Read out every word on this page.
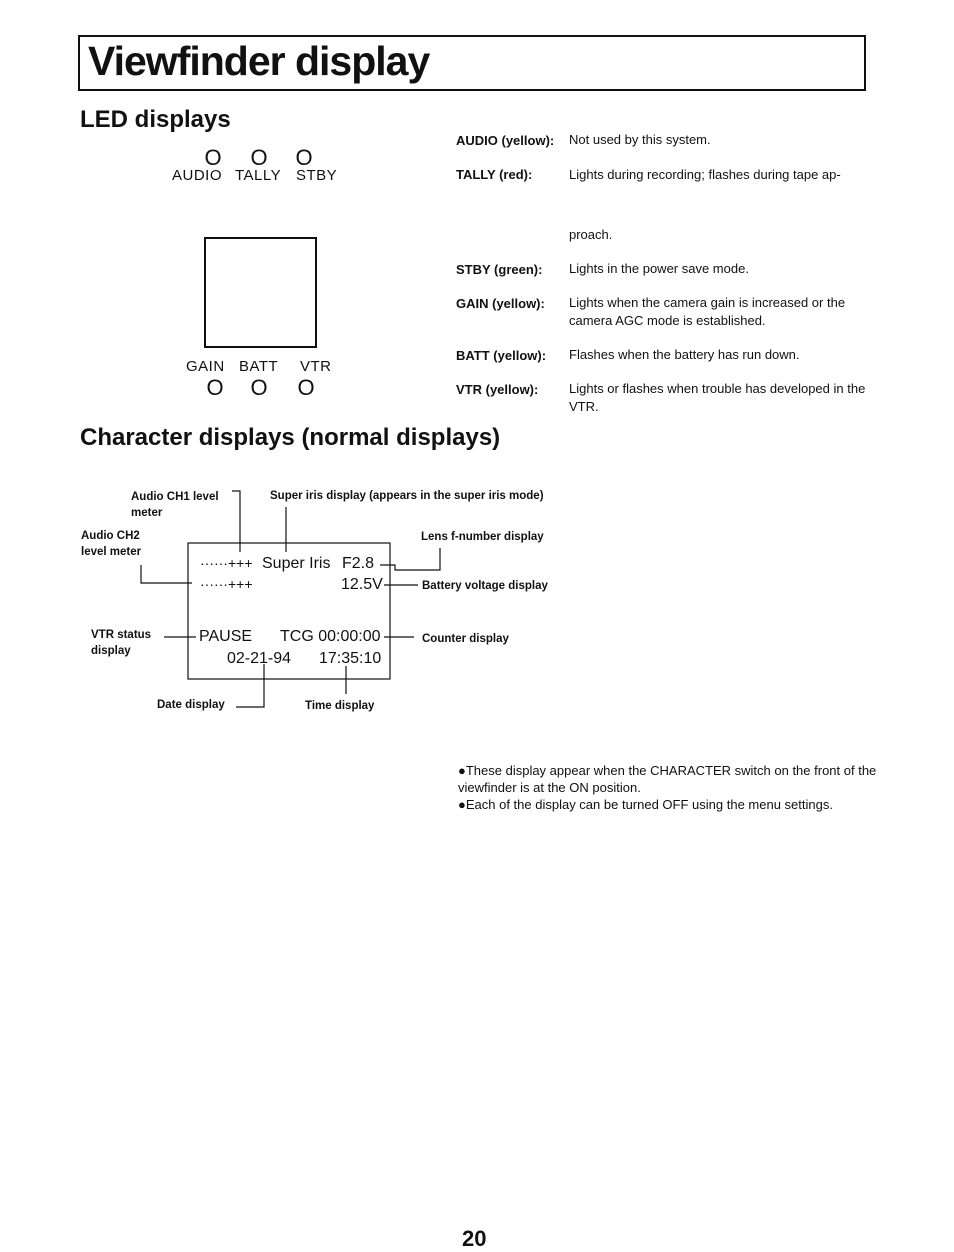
Viewfinder display
LED displays
O O O
AUDIO TALLY STBY
GAIN BATT VTR
O O O
AUDIO (yellow): Not used by this system.
TALLY (red):	Lights during recording; flashes during tape ap-
proach.
STBY (green): Lights in the power save mode.
GAIN (yellow): Lights when the camera gain is increased or the camera AGC mode is established.
BATT (yellow): Flashes when the battery has run down.
VTR (yellow): Lights or flashes when trouble has developed in the VTR.
Character displays (normal displays)
Audio CH1 level meter
Super iris display (appears in the super iris mode)
Audio CH2 level meter
Lens f-number display
Battery voltage display
VTR status display
Counter display
Date display	Time display
······+++ Super Iris F2.8
······+++	12.5V
PAUSE TCG 00:00:00
02-21-94 17:35:10
●These display appear when the CHARACTER switch on the front of the viewfinder is at the ON position.
●Each of the display can be turned OFF using the menu settings.
20
